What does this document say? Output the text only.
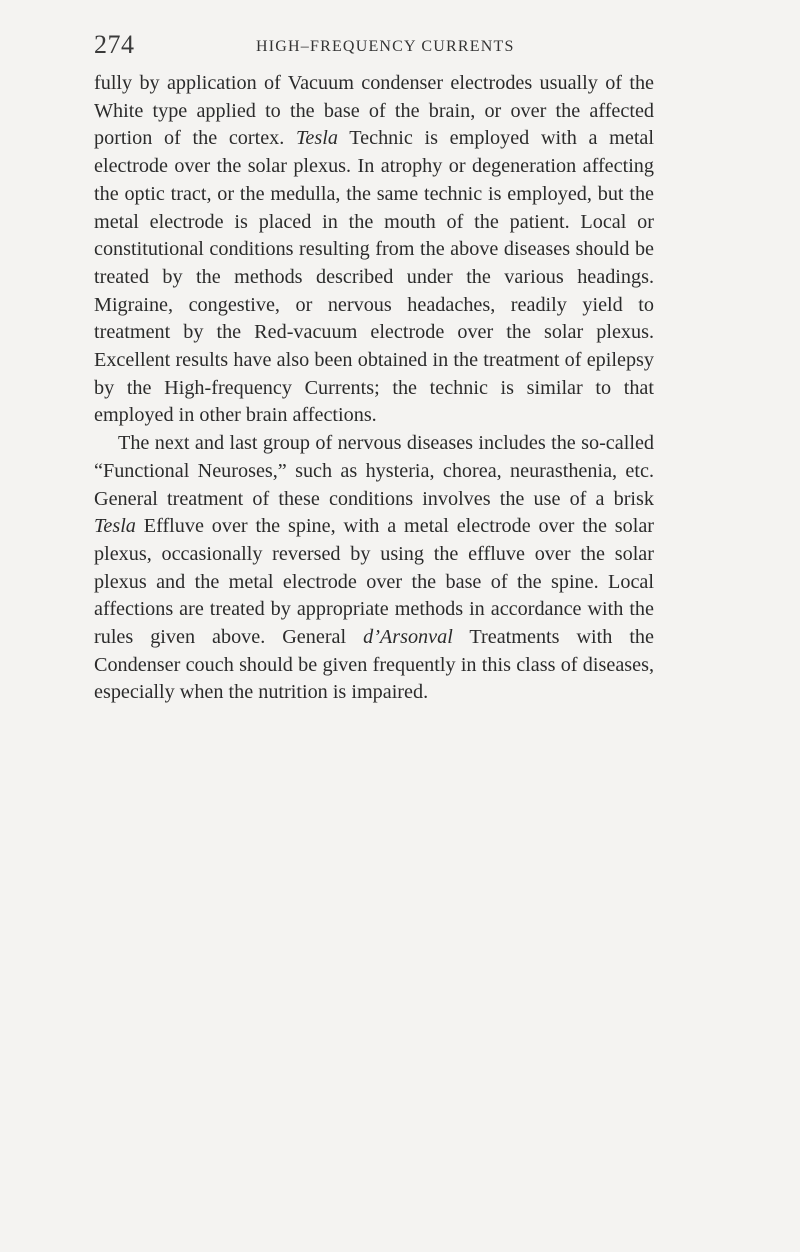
274	HIGH–FREQUENCY CURRENTS

fully by application of Vacuum condenser electrodes usually of the White type applied to the base of the brain, or over the affected portion of the cortex. Tesla Technic is employed with a metal electrode over the solar plexus. In atrophy or degeneration affecting the optic tract, or the medulla, the same technic is employed, but the metal electrode is placed in the mouth of the patient. Local or constitutional conditions resulting from the above diseases should be treated by the methods described under the various headings. Migraine, congestive, or nervous headaches, readily yield to treatment by the Red-vacuum electrode over the solar plexus. Excellent results have also been obtained in the treatment of epilepsy by the High-frequency Currents; the technic is similar to that employed in other brain affections.

The next and last group of nervous diseases includes the so-called “Functional Neuroses,” such as hysteria, chorea, neurasthenia, etc. General treatment of these conditions involves the use of a brisk Tesla Effluve over the spine, with a metal electrode over the solar plexus, occasionally reversed by using the effluve over the solar plexus and the metal electrode over the base of the spine. Local affections are treated by appropriate methods in accordance with the rules given above. General d’Arsonval Treatments with the Condenser couch should be given frequently in this class of diseases, especially when the nutrition is impaired.
